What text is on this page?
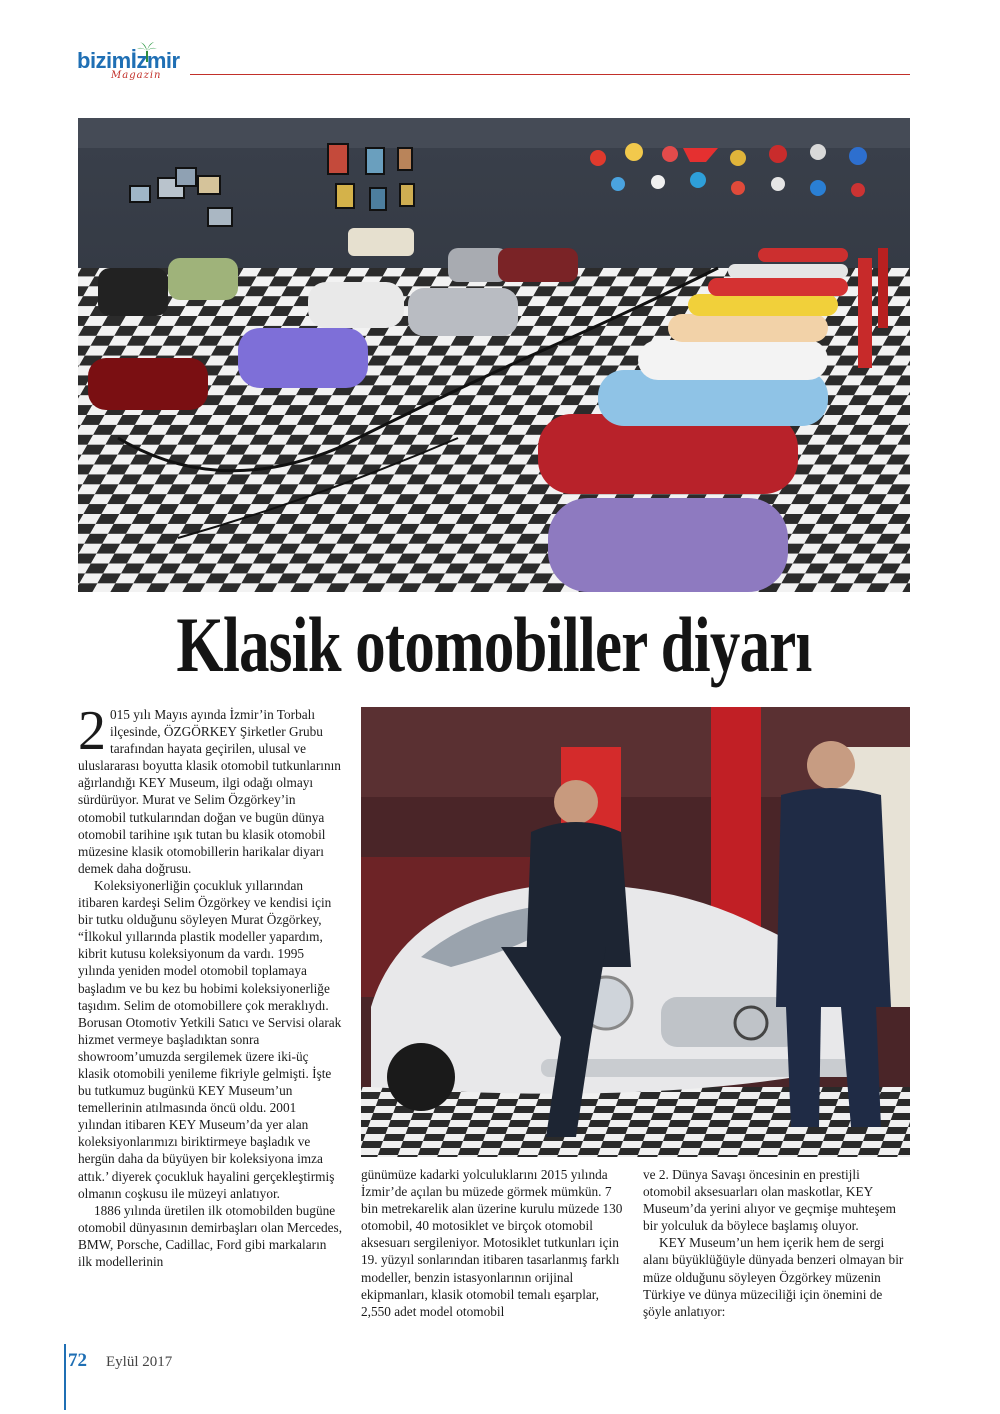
bizimİzmir
Magazin
Klasik otomobiller diyarı

2 015 yılı Mayıs ayında İzmir’in Torbalı ilçesinde, ÖZGÖRKEY Şirketler Grubu tarafından hayata geçirilen, ulusal ve uluslararası boyutta klasik otomobil tutkunlarının ağırlandığı KEY Museum, ilgi odağı olmayı sürdürüyor. Murat ve Selim Özgörkey’in otomobil tutkularından doğan ve bugün dünya otomobil tarihine ışık tutan bu klasik otomobil müzesine klasik otomobillerin harikalar diyarı demek daha doğrusu.

Koleksiyonerliğin çocukluk yıllarından itibaren kardeşi Selim Özgörkey ve kendisi için bir tutku olduğunu söyleyen Murat Özgörkey, “İlkokul yıllarında plastik modeller yapardım, kibrit kutusu koleksiyonum da vardı. 1995 yılında yeniden model otomobil toplamaya başladım ve bu kez bu hobimi koleksiyonerliğe taşıdım. Selim de otomobillere çok meraklıydı. Borusan Otomotiv Yetkili Satıcı ve Servisi olarak hizmet vermeye başladıktan sonra showroom’umuzda sergilemek üzere iki-üç klasik otomobili yenileme fikriyle gelmişti. İşte bu tutkumuz bugünkü KEY Museum’un temellerinin atılmasında öncü oldu. 2001 yılından itibaren KEY Museum’da yer alan koleksiyonlarımızı biriktirmeye başladık ve hergün daha da büyüyen bir koleksiyona imza attık.’ diyerek çocukluk hayalini gerçekleştirmiş olmanın coşkusu ile müzeyi anlatıyor.

1886 yılında üretilen ilk otomobilden bugüne otomobil dünyasının demirbaşları olan Mercedes, BMW, Porsche, Cadillac, Ford gibi markaların ilk modellerinin

günümüze kadarki yolculuklarını 2015 yılında İzmir’de açılan bu müzede görmek mümkün. 7 bin metrekarelik alan üzerine kurulu müzede 130 otomobil, 40 motosiklet ve birçok otomobil aksesuarı sergileniyor. Motosiklet tutkunları için 19. yüzyıl sonlarından itibaren tasarlanmış farklı modeller, benzin istasyonlarının orijinal ekipmanları, klasik otomobil temalı eşarplar, 2,550 adet model otomobil

ve 2. Dünya Savaşı öncesinin en prestijli otomobil aksesuarları olan maskotlar, KEY Museum’da yerini alıyor ve geçmişe muhteşem bir yolculuk da böylece başlamış oluyor.

KEY Museum’un hem içerik hem de sergi alanı büyüklüğüyle dünyada benzeri olmayan bir müze olduğunu söyleyen Özgörkey müzenin Türkiye ve dünya müzeciliği için önemini de şöyle anlatıyor:

72 Eylül 2017
